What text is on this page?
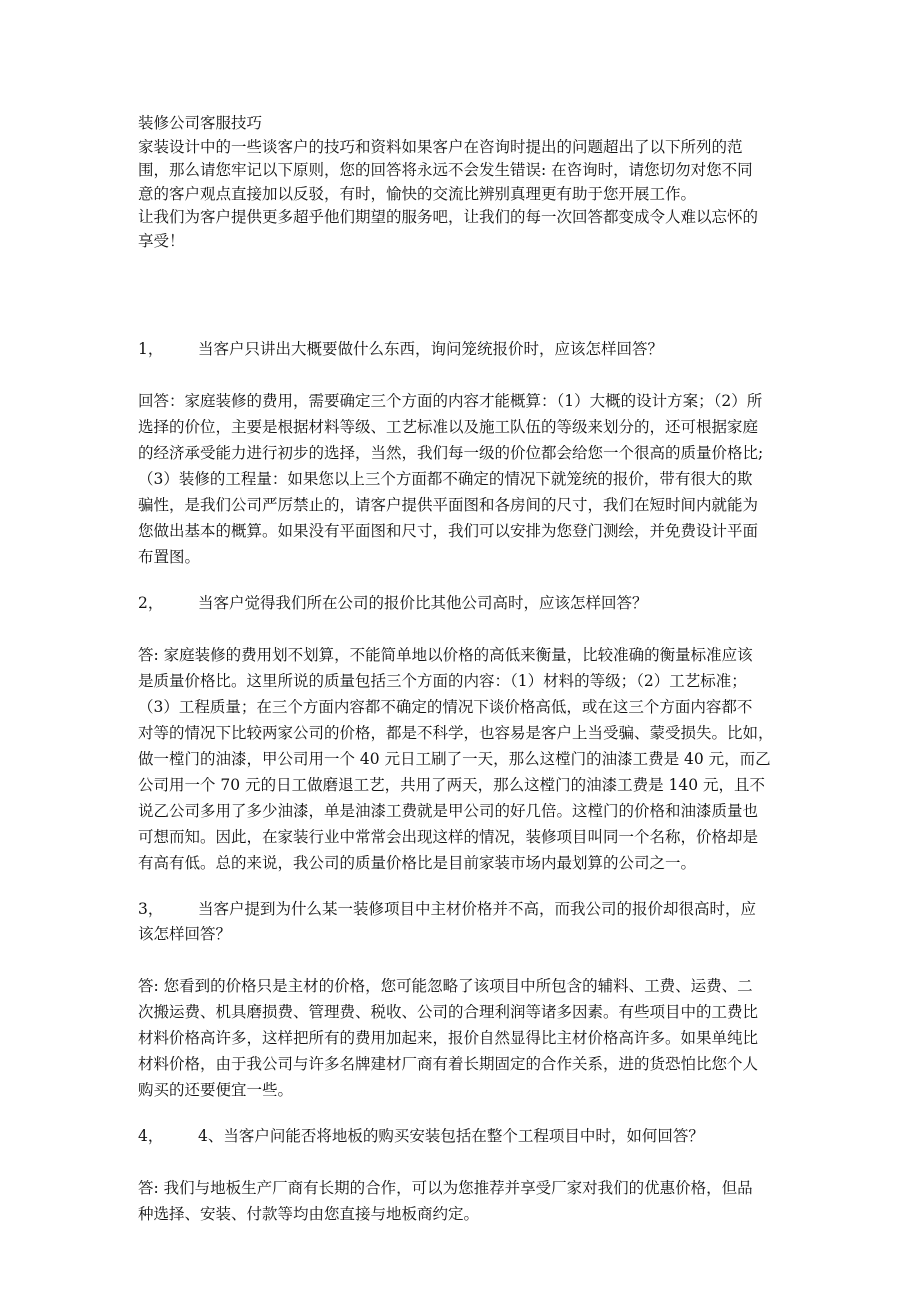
装修公司客服技巧

家装设计中的一些谈客户的技巧和资料如果客户在咨询时提出的问题超出了以下所列的范

围，那么请您牢记以下原则，您的回答将永远不会发生错误: 在咨询时，请您切勿对您不同

意的客户观点直接加以反驳，有时，愉快的交流比辨别真理更有助于您开展工作。

让我们为客户提供更多超乎他们期望的服务吧，让我们的每一次回答都变成令人难以忘怀的

享受！

1， 当客户只讲出大概要做什么东西，询问笼统报价时，应该怎样回答？

回答：家庭装修的费用，需要确定三个方面的内容才能概算：（1）大概的设计方案；（2）所

选择的价位，主要是根据材料等级、工艺标准以及施工队伍的等级来划分的，还可根据家庭

的经济承受能力进行初步的选择，当然，我们每一级的价位都会给您一个很高的质量价格比;

（3）装修的工程量：如果您以上三个方面都不确定的情况下就笼统的报价，带有很大的欺

骗性，是我们公司严厉禁止的，请客户提供平面图和各房间的尺寸，我们在短时间内就能为

您做出基本的概算。如果没有平面图和尺寸，我们可以安排为您登门测绘，并免费设计平面

布置图。

2， 当客户觉得我们所在公司的报价比其他公司高时，应该怎样回答？

答: 家庭装修的费用划不划算，不能简单地以价格的高低来衡量，比较准确的衡量标准应该

是质量价格比。这里所说的质量包括三个方面的内容：（1）材料的等级；（2）工艺标准；

（3）工程质量；在三个方面内容都不确定的情况下谈价格高低，或在这三个方面内容都不

对等的情况下比较两家公司的价格，都是不科学，也容易是客户上当受骗、蒙受损失。比如，

做一樘门的油漆，甲公司用一个 40 元日工刷了一天，那么这樘门的油漆工费是 40 元，而乙

公司用一个 70 元的日工做磨退工艺，共用了两天，那么这樘门的油漆工费是 140 元，且不

说乙公司多用了多少油漆，单是油漆工费就是甲公司的好几倍。这樘门的价格和油漆质量也

可想而知。因此，在家装行业中常常会出现这样的情况，装修项目叫同一个名称，价格却是

有高有低。总的来说，我公司的质量价格比是目前家装市场内最划算的公司之一。

3， 当客户提到为什么某一装修项目中主材价格并不高，而我公司的报价却很高时，应

该怎样回答？

答: 您看到的价格只是主材的价格，您可能忽略了该项目中所包含的辅料、工费、运费、二

次搬运费、机具磨损费、管理费、税收、公司的合理利润等诸多因素。有些项目中的工费比

材料价格高许多，这样把所有的费用加起来，报价自然显得比主材价格高许多。如果单纯比

材料价格，由于我公司与许多名牌建材厂商有着长期固定的合作关系，进的货恐怕比您个人

购买的还要便宜一些。

4， 4、当客户问能否将地板的购买安装包括在整个工程项目中时，如何回答？

答: 我们与地板生产厂商有长期的合作，可以为您推荐并享受厂家对我们的优惠价格，但品

种选择、安装、付款等均由您直接与地板商约定。
